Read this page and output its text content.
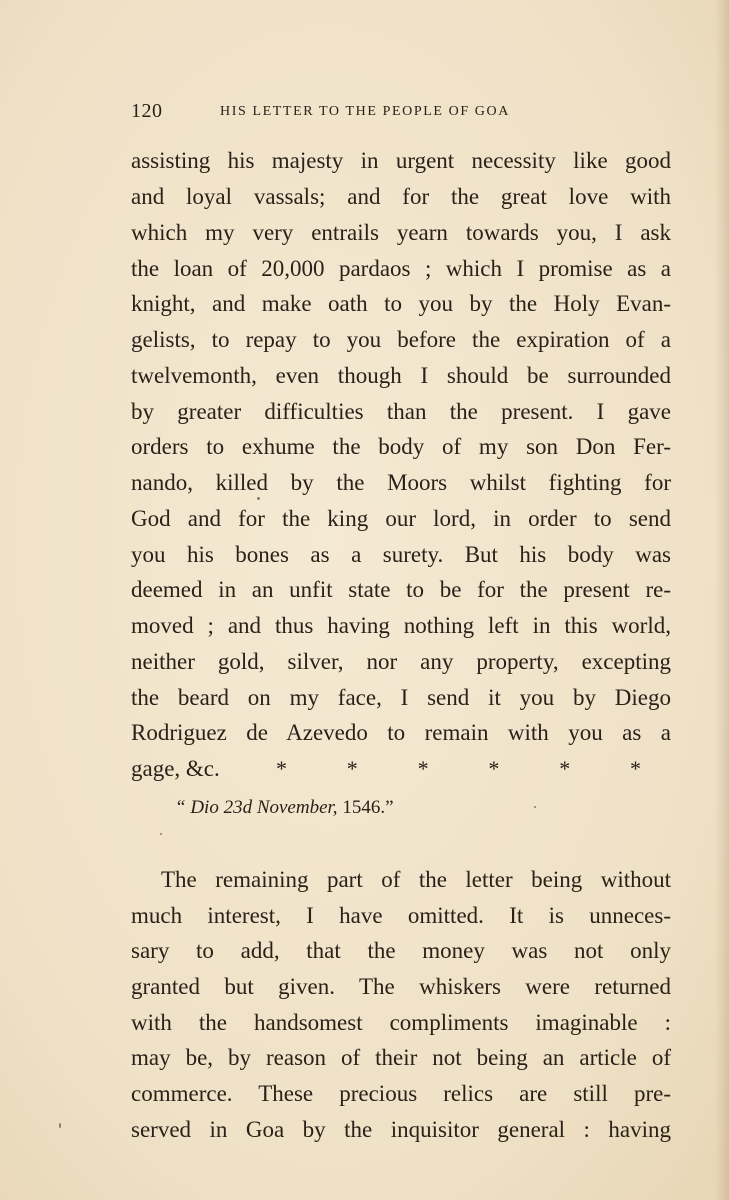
120	HIS LETTER TO THE PEOPLE OF GOA
assisting his majesty in urgent necessity like good
and loyal vassals; and for the great love with
which my very entrails yearn towards you, I ask
the loan of 20,000 pardaos ; which I promise as a
knight, and make oath to you by the Holy Evan-
gelists, to repay to you before the expiration of a
twelvemonth, even though I should be surrounded
by greater difficulties than the present. I gave
orders to exhume the body of my son Don Fer-
nando, killed by the Moors whilst fighting for
God and for the king our lord, in order to send
you his bones as a surety. But his body was
deemed in an unfit state to be for the present re-
moved ; and thus having nothing left in this world,
neither gold, silver, nor any property, excepting
the beard on my face, I send it you by Diego
Rodriguez de Azevedo to remain with you as a
gage, &c.	*	*	*	*	*	*
The remaining part of the letter being without
much interest, I have omitted. It is unneces-
sary to add, that the money was not only
granted but given. The whiskers were returned
with the handsomest compliments imaginable :
may be, by reason of their not being an article of
commerce. These precious relics are still pre-
served in Goa by the inquisitor general : having
“ Dio 23d November, 1546.”
